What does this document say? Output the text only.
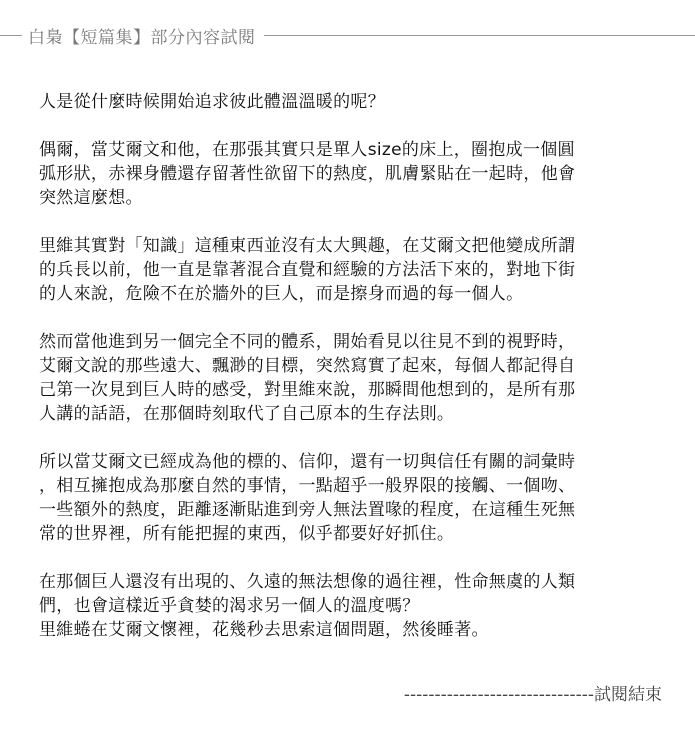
白梟【短篇集】部分內容試閱

人是從什麼時候開始追求彼此體溫溫暖的呢？

偶爾，當艾爾文和他，在那張其實只是單人size的床上，圈抱成一個圓
弧形狀，赤裸身體還存留著性欲留下的熱度，肌膚緊貼在一起時，他會
突然這麼想。

里維其實對「知識」這種東西並沒有太大興趣，在艾爾文把他變成所謂
的兵長以前，他一直是靠著混合直覺和經驗的方法活下來的，對地下街
的人來說，危險不在於牆外的巨人，而是擦身而過的每一個人。

然而當他進到另一個完全不同的體系，開始看見以往見不到的視野時，
艾爾文說的那些遠大、飄渺的目標，突然寫實了起來，每個人都記得自
己第一次見到巨人時的感受，對里維來說，那瞬間他想到的，是所有那
人講的話語，在那個時刻取代了自己原本的生存法則。

所以當艾爾文已經成為他的標的、信仰，還有一切與信任有關的詞彙時
，相互擁抱成為那麼自然的事情，一點超乎一般界限的接觸、一個吻、
一些額外的熱度，距離逐漸貼進到旁人無法置喙的程度，在這種生死無
常的世界裡，所有能把握的東西，似乎都要好好抓住。

在那個巨人還沒有出現的、久遠的無法想像的過往裡，性命無虞的人類
們，也會這樣近乎貪婪的渴求另一個人的溫度嗎？
里維蜷在艾爾文懷裡，花幾秒去思索這個問題，然後睡著。

-------------------------------試閱結束
